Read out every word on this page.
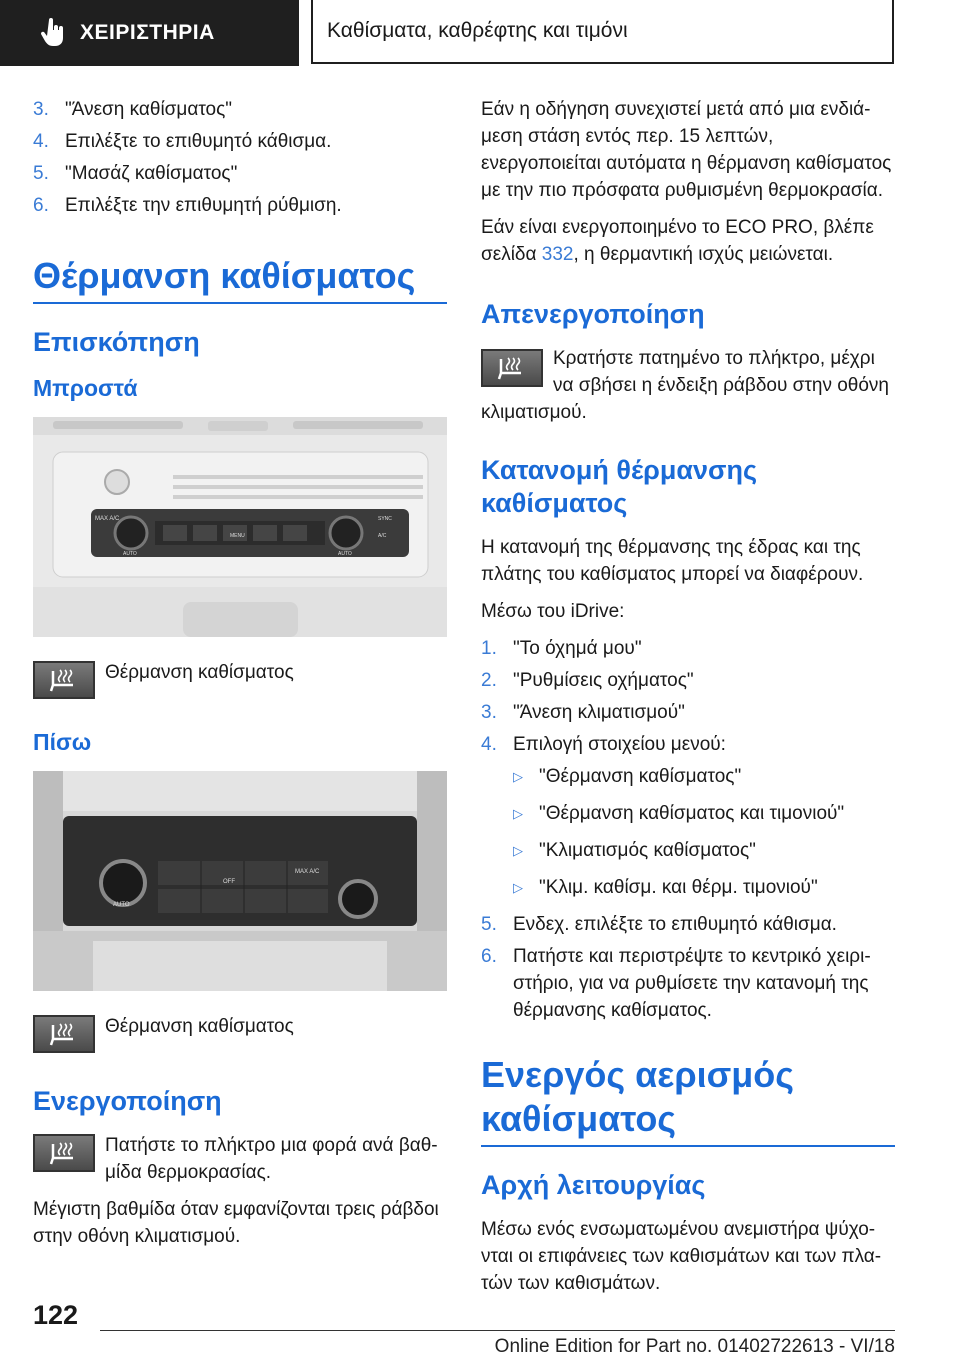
ΧΕΙΡΙΣΤΗΡΙΑ	Καθίσματα, καθρέφτης και τιμόνι
3. "Άνεση καθίσματος"
4. Επιλέξτε το επιθυμητό κάθισμα.
5. "Μασάζ καθίσματος"
6. Επιλέξτε την επιθυμητή ρύθμιση.
Θέρμανση καθίσματος
Επισκόπηση
Μπροστά
MAX A/C
AUTO
MENU
AUTO
A/C
SYNC
Θέρμανση καθίσματος
Πίσω
OFF
MAX A/C
AUTO
Θέρμανση καθίσματος
Ενεργοποίηση
Πατήστε το πλήκτρο μια φορά ανά βαθμίδα θερμοκρασίας.

Μέγιστη βαθμίδα όταν εμφανίζονται τρεις ράβδοι στην οθόνη κλιματισμού.

Εάν η οδήγηση συνεχιστεί μετά από μια ενδιάμεση στάση εντός περ. 15 λεπτών, ενεργοποιείται αυτόματα η θέρμανση καθίσματος με την πιο πρόσφατα ρυθμισμένη θερμοκρασία.

Εάν είναι ενεργοποιημένο το ECO PRO, βλέπε σελίδα 332, η θερμαντική ισχύς μειώνεται.

Απενεργοποίηση
Κρατήστε πατημένο το πλήκτρο, μέχρι να σβήσει η ένδειξη ράβδου στην οθόνη κλιματισμού.
Κατανομή θέρμανσης καθίσματος

Η κατανομή της θέρμανσης της έδρας και της πλάτης του καθίσματος μπορεί να διαφέρουν.

Μέσω του iDrive:

1. "Το όχημά μου"
2. "Ρυθμίσεις οχήματος"
3. "Άνεση κλιματισμού"
4. Επιλογή στοιχείου μενού:
▷ "Θέρμανση καθίσματος"
▷ "Θέρμανση καθίσματος και τιμονιού"
▷ "Κλιματισμός καθίσματος"
▷ "Κλιμ. καθίσμ. και θέρμ. τιμονιού"
5. Ενδεχ. επιλέξτε το επιθυμητό κάθισμα.
6. Πατήστε και περιστρέψτε το κεντρικό χειριστήριο, για να ρυθμίσετε την κατανομή της θέρμανσης καθίσματος.
Ενεργός αερισμός καθίσματος
Αρχή λειτουργίας

Μέσω ενός ενσωματωμένου ανεμιστήρα ψύχονται οι επιφάνειες των καθισμάτων και των πλατών των καθισμάτων.

122
Online Edition for Part no. 01402722613 - VI/18
